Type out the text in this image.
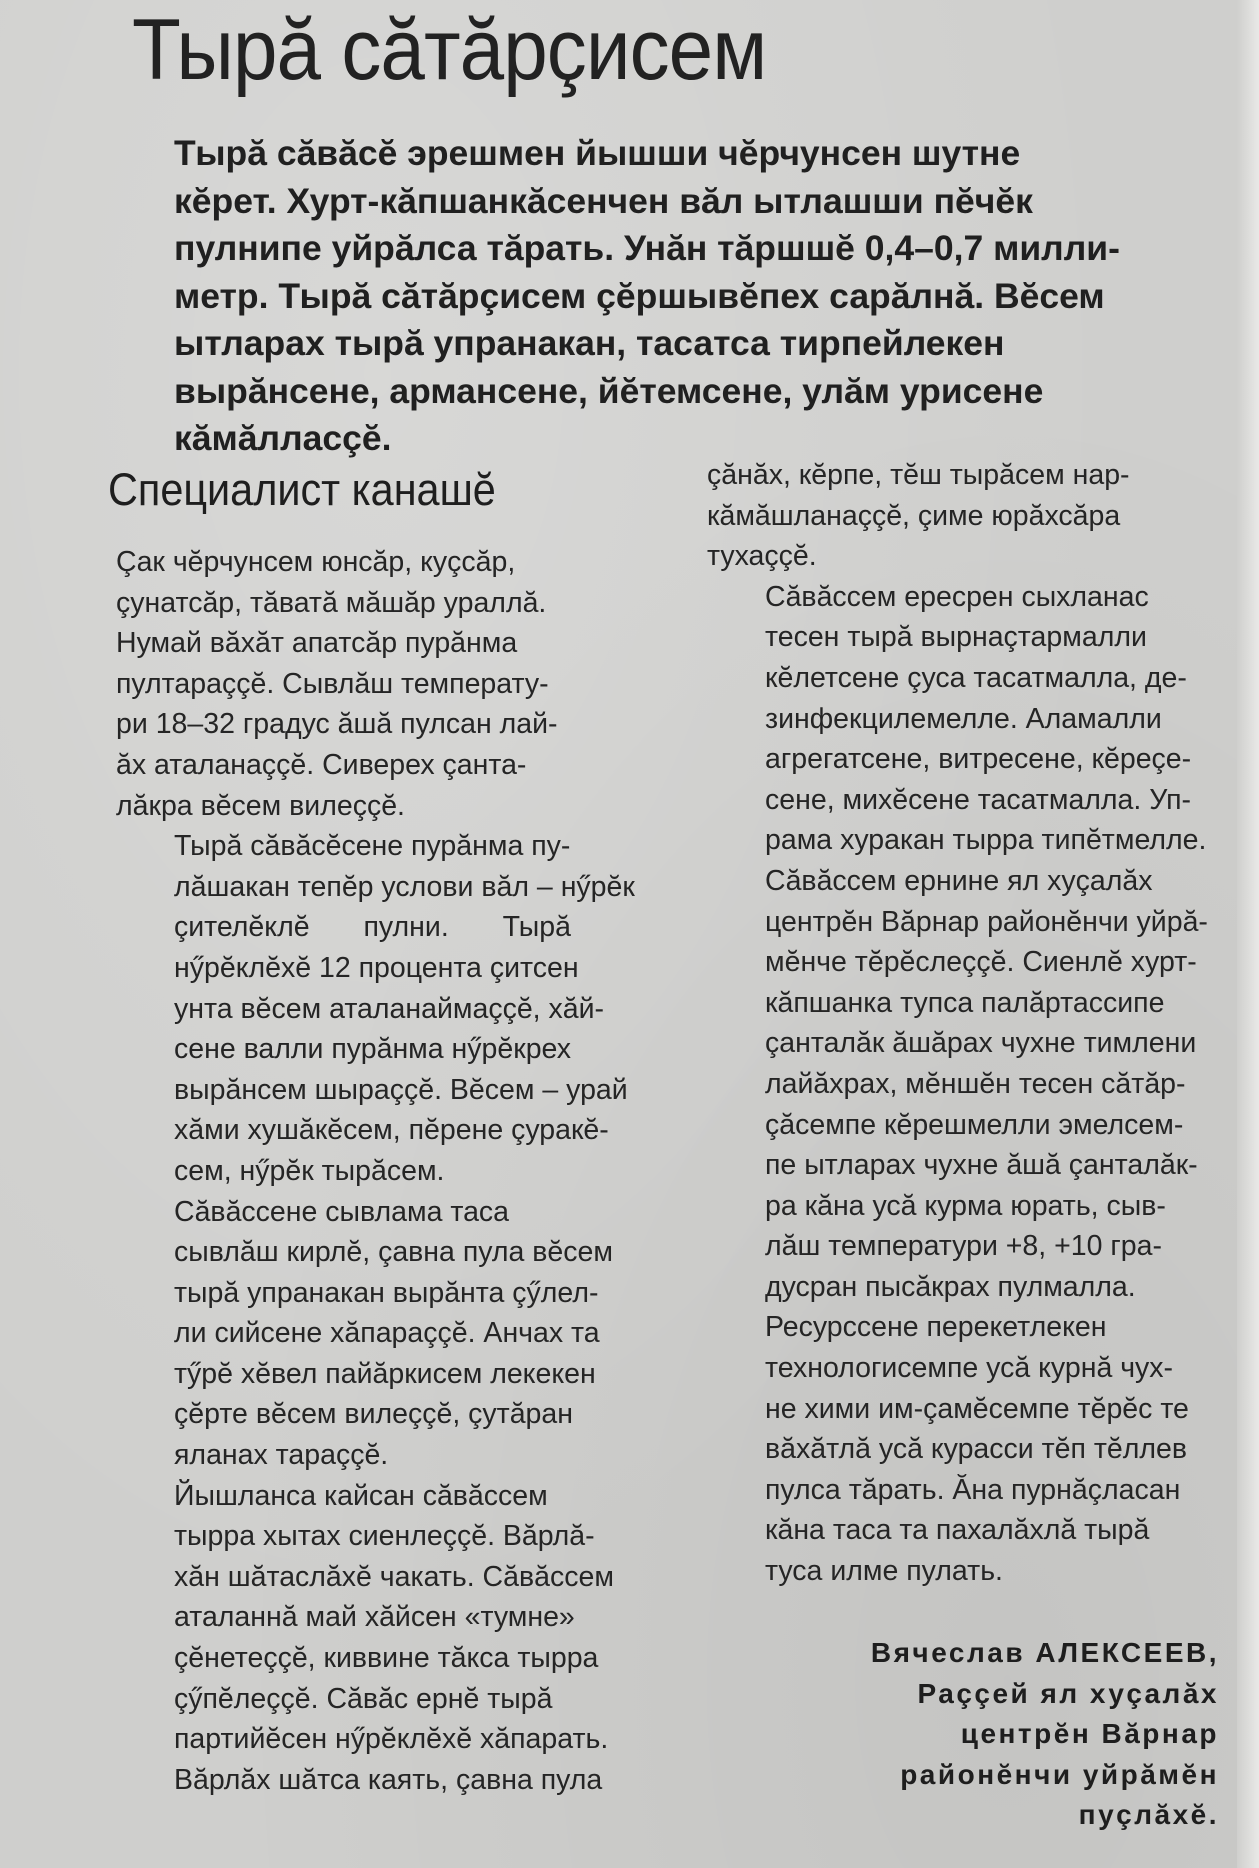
Тырă сăтăрçисем
Тырă сăвăсĕ эрешмен йышши чĕрчунсен шутне
кĕрет. Хурт-кăпшанкăсенчен вăл ытлашши пĕчĕк
пулнипе уйрăлса тăрать. Унăн тăршшĕ 0,4–0,7 милли-
метр. Тырă сăтăрçисем çĕршывĕпех сарăлнă. Вĕсем
ытларах тырă упранакан, тасатса тирпейлекен
вырăнсене, армансене, йĕтемсене, улăм урисене
кăмăлласçĕ.
Специалист канашĕ

Çак чĕрчунсем юнсăр, куçсăр,
çунатсăр, тăватă мăшăр ураллă.
Нумай вăхăт апатсăр пурăнма
пултараççĕ. Сывлăш температу-
ри 18–32 градус ăшă пулсан лай-
ăх аталанаççĕ. Сиверех çанта-
лăкра вĕсем вилеççĕ.

Тырă сăвăсĕсене пурăнма пу-
лăшакан тепĕр услови вăл – нӳрĕк
çителĕклĕ пулни. Тырă
нӳрĕклĕхĕ 12 процента çитсен
унта вĕсем аталанаймаççĕ, хăй-
сене валли пурăнма нӳрĕкрех
вырăнсем шыраççĕ. Вĕсем – урай
хăми хушăкĕсем, пĕрене çуракĕ-
сем, нӳрĕк тырăсем.

Сăвăссене сывлама таса
сывлăш кирлĕ, çавна пула вĕсем
тырă упранакан вырăнта çӳлел-
ли сийсене хăпараççĕ. Анчах та
тӳрĕ хĕвел пайăркисем лекекен
çĕрте вĕсем вилеççĕ, çутăран
яланах тараççĕ.

Йышланса кайсан сăвăссем
тырра хытах сиенлеççĕ. Вăрлă-
хăн шăтаслăхĕ чакать. Сăвăссем
аталаннă май хăйсен «тумне»
çĕнетеççĕ, киввине тăкса тырра
çӳпĕлеççĕ. Сăвăс ернĕ тырă
партийĕсен нӳрĕклĕхĕ хăпарать.
Вăрлăх шăтса каять, çавна пула

çăнăх, кĕрпе, тĕш тырăсем нар-
кăмăшланаççĕ, çиме юрăхсăра
тухаççĕ.

Сăвăссем ересрен сыхланас
тесен тырă вырнаçтармалли
кĕлетсене çуса тасатмалла, де-
зинфекцилемелле. Аламалли
агрегатсене, витресене, кĕреçе-
сене, михĕсене тасатмалла. Уп-
рама хуракан тырра типĕтмелле.

Сăвăссем ернине ял хуçалăх
центрĕн Вăрнар районĕнчи уйрă-
мĕнче тĕрĕслеççĕ. Сиенлĕ хурт-
кăпшанка тупса палăртассипе
çанталăк ăшăрах чухне тимлени
лайăхрах, мĕншĕн тесен сăтăр-
çăсемпе кĕрешмелли эмелсем-
пе ытларах чухне ăшă çанталăк-
ра кăна усă курма юрать, сыв-
лăш температури +8, +10 гра-
дусран пысăкрах пулмалла.

Ресурссене перекетлекен
технологисемпе усă курнă чух-
не хими им-çамĕсемпе тĕрĕс те
вăхăтлă усă курасси тĕп тĕллев
пулса тăрать. Ăна пурнăçласан
кăна таса та пахалăхлă тырă
туса илме пулать.

Вячеслав АЛЕКСЕЕВ,
Раççей ял хуçалăх
центрĕн Вăрнар
районĕнчи уйрăмĕн
пуçлăхĕ.
